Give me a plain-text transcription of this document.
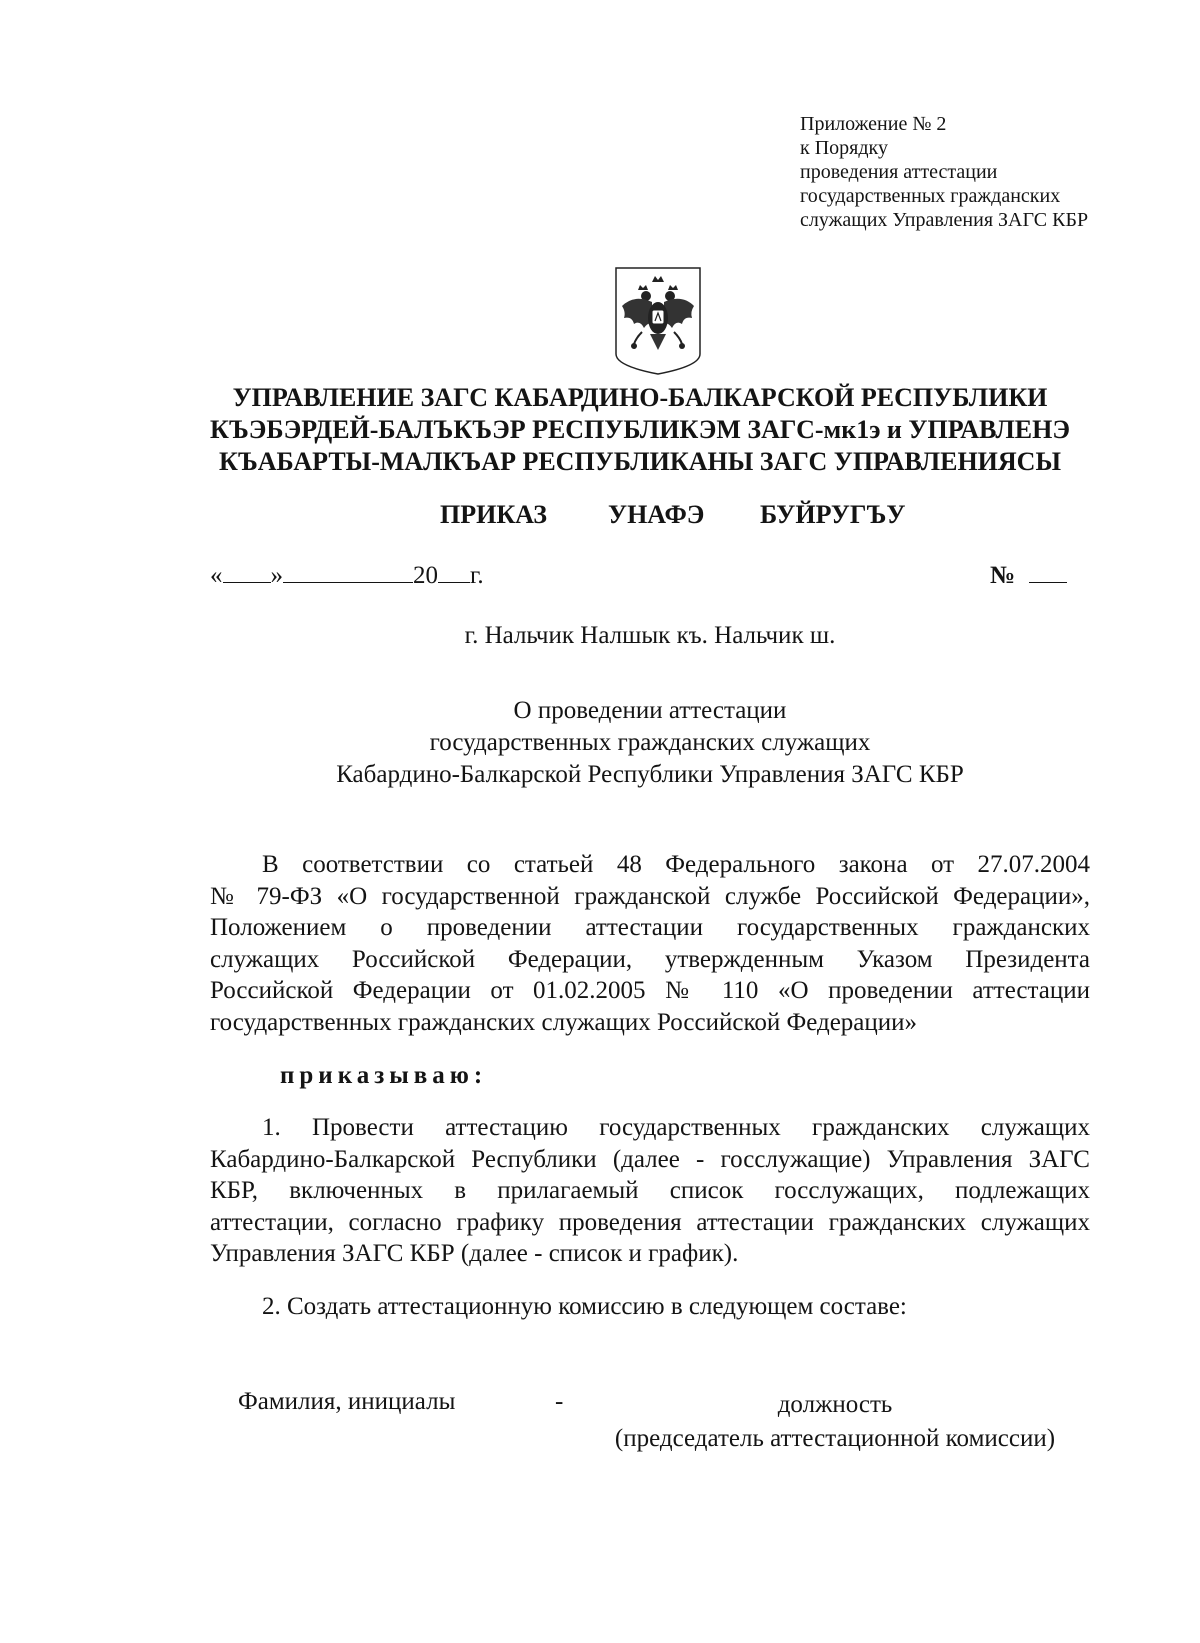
Приложение № 2
к Порядку
проведения аттестации
государственных гражданских
служащих Управления ЗАГС КБР
УПРАВЛЕНИЕ ЗАГС КАБАРДИНО-БАЛКАРСКОЙ РЕСПУБЛИКИ
КЪЭБЭРДЕЙ-БАЛЪКЪЭР РЕСПУБЛИКЭМ ЗАГС-мк1э и УПРАВЛЕНЭ
КЪАБАРТЫ-МАЛКЪАР РЕСПУБЛИКАНЫ ЗАГС УПРАВЛЕНИЯСЫ
ПРИКАЗ УНАФЭ БУЙРУГЪУ
« »	20 г.	№
г. Нальчик Налшык къ. Нальчик ш.
О проведении аттестации
государственных гражданских служащих
Кабардино-Балкарской Республики Управления ЗАГС КБР
В соответствии со статьей 48 Федерального закона от 27.07.2004
№ 79-ФЗ «О государственной гражданской службе Российской Федерации»,
Положением о проведении аттестации государственных гражданских
служащих Российской Федерации, утвержденным Указом Президента
Российской Федерации от 01.02.2005 № 110 «О проведении аттестации
государственных гражданских служащих Российской Федерации»
приказываю:
1. Провести аттестацию государственных гражданских служащих
Кабардино-Балкарской Республики (далее - госслужащие) Управления ЗАГС
КБР, включенных в прилагаемый список госслужащих, подлежащих
аттестации, согласно графику проведения аттестации гражданских служащих
Управления ЗАГС КБР (далее - список и график).
2. Создать аттестационную комиссию в следующем составе:
Фамилия, инициалы	-	должность
(председатель аттестационной комиссии)
